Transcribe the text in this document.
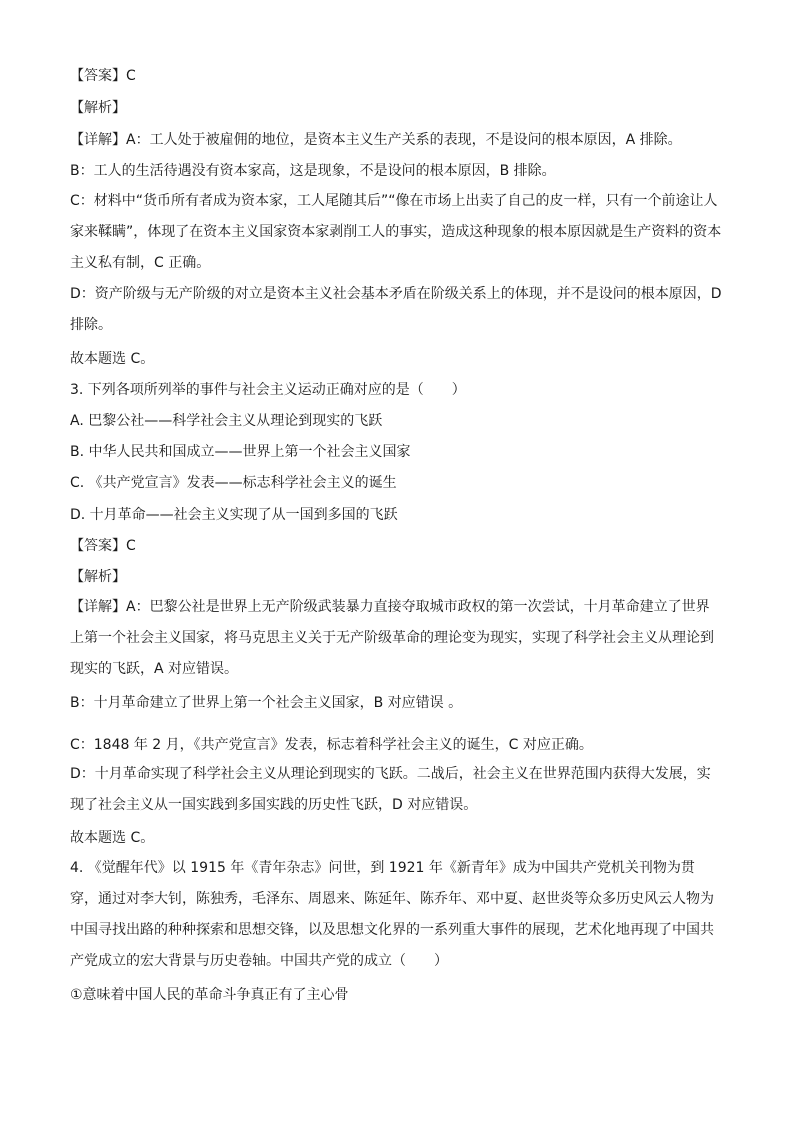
【答案】C
【解析】
【详解】A：工人处于被雇佣的地位，是资本主义生产关系的表现，不是设问的根本原因，A 排除。
B：工人的生活待遇没有资本家高，这是现象，不是设问的根本原因，B 排除。
C：材料中“货币所有者成为资本家，工人尾随其后”“像在市场上出卖了自己的皮一样，只有一个前途让人家来鞣瞒”，体现了在资本主义国家资本家剥削工人的事实，造成这种现象的根本原因就是生产资料的资本主义私有制，C 正确。
D：资产阶级与无产阶级的对立是资本主义社会基本矛盾在阶级关系上的体现，并不是设问的根本原因，D 排除。
故本题选 C。
3. 下列各项所列举的事件与社会主义运动正确对应的是（　　）
A. 巴黎公社——科学社会主义从理论到现实的飞跃
B. 中华人民共和国成立——世界上第一个社会主义国家
C. 《共产党宣言》发表——标志科学社会主义的诞生
D. 十月革命——社会主义实现了从一国到多国的飞跃
【答案】C
【解析】
【详解】A：巴黎公社是世界上无产阶级武装暴力直接夺取城市政权的第一次尝试，十月革命建立了世界上第一个社会主义国家，将马克思主义关于无产阶级革命的理论变为现实，实现了科学社会主义从理论到现实的飞跃，A 对应错误。
B：十月革命建立了世界上第一个社会主义国家，B 对应错误 。
C：1848 年 2 月，《共产党宣言》发表，标志着科学社会主义的诞生，C 对应正确。
D：十月革命实现了科学社会主义从理论到现实的飞跃。二战后，社会主义在世界范围内获得大发展，实现了社会主义从一国实践到多国实践的历史性飞跃，D 对应错误。
故本题选 C。
4. 《觉醒年代》以 1915 年《青年杂志》问世，到 1921 年《新青年》成为中国共产党机关刊物为贯穿，通过对李大钊，陈独秀，毛泽东、周恩来、陈延年、陈乔年、邓中夏、赵世炎等众多历史风云人物为中国寻找出路的种种探索和思想交锋，以及思想文化界的一系列重大事件的展现，艺术化地再现了中国共产党成立的宏大背景与历史卷轴。中国共产党的成立（　　）
①意味着中国人民的革命斗争真正有了主心骨
